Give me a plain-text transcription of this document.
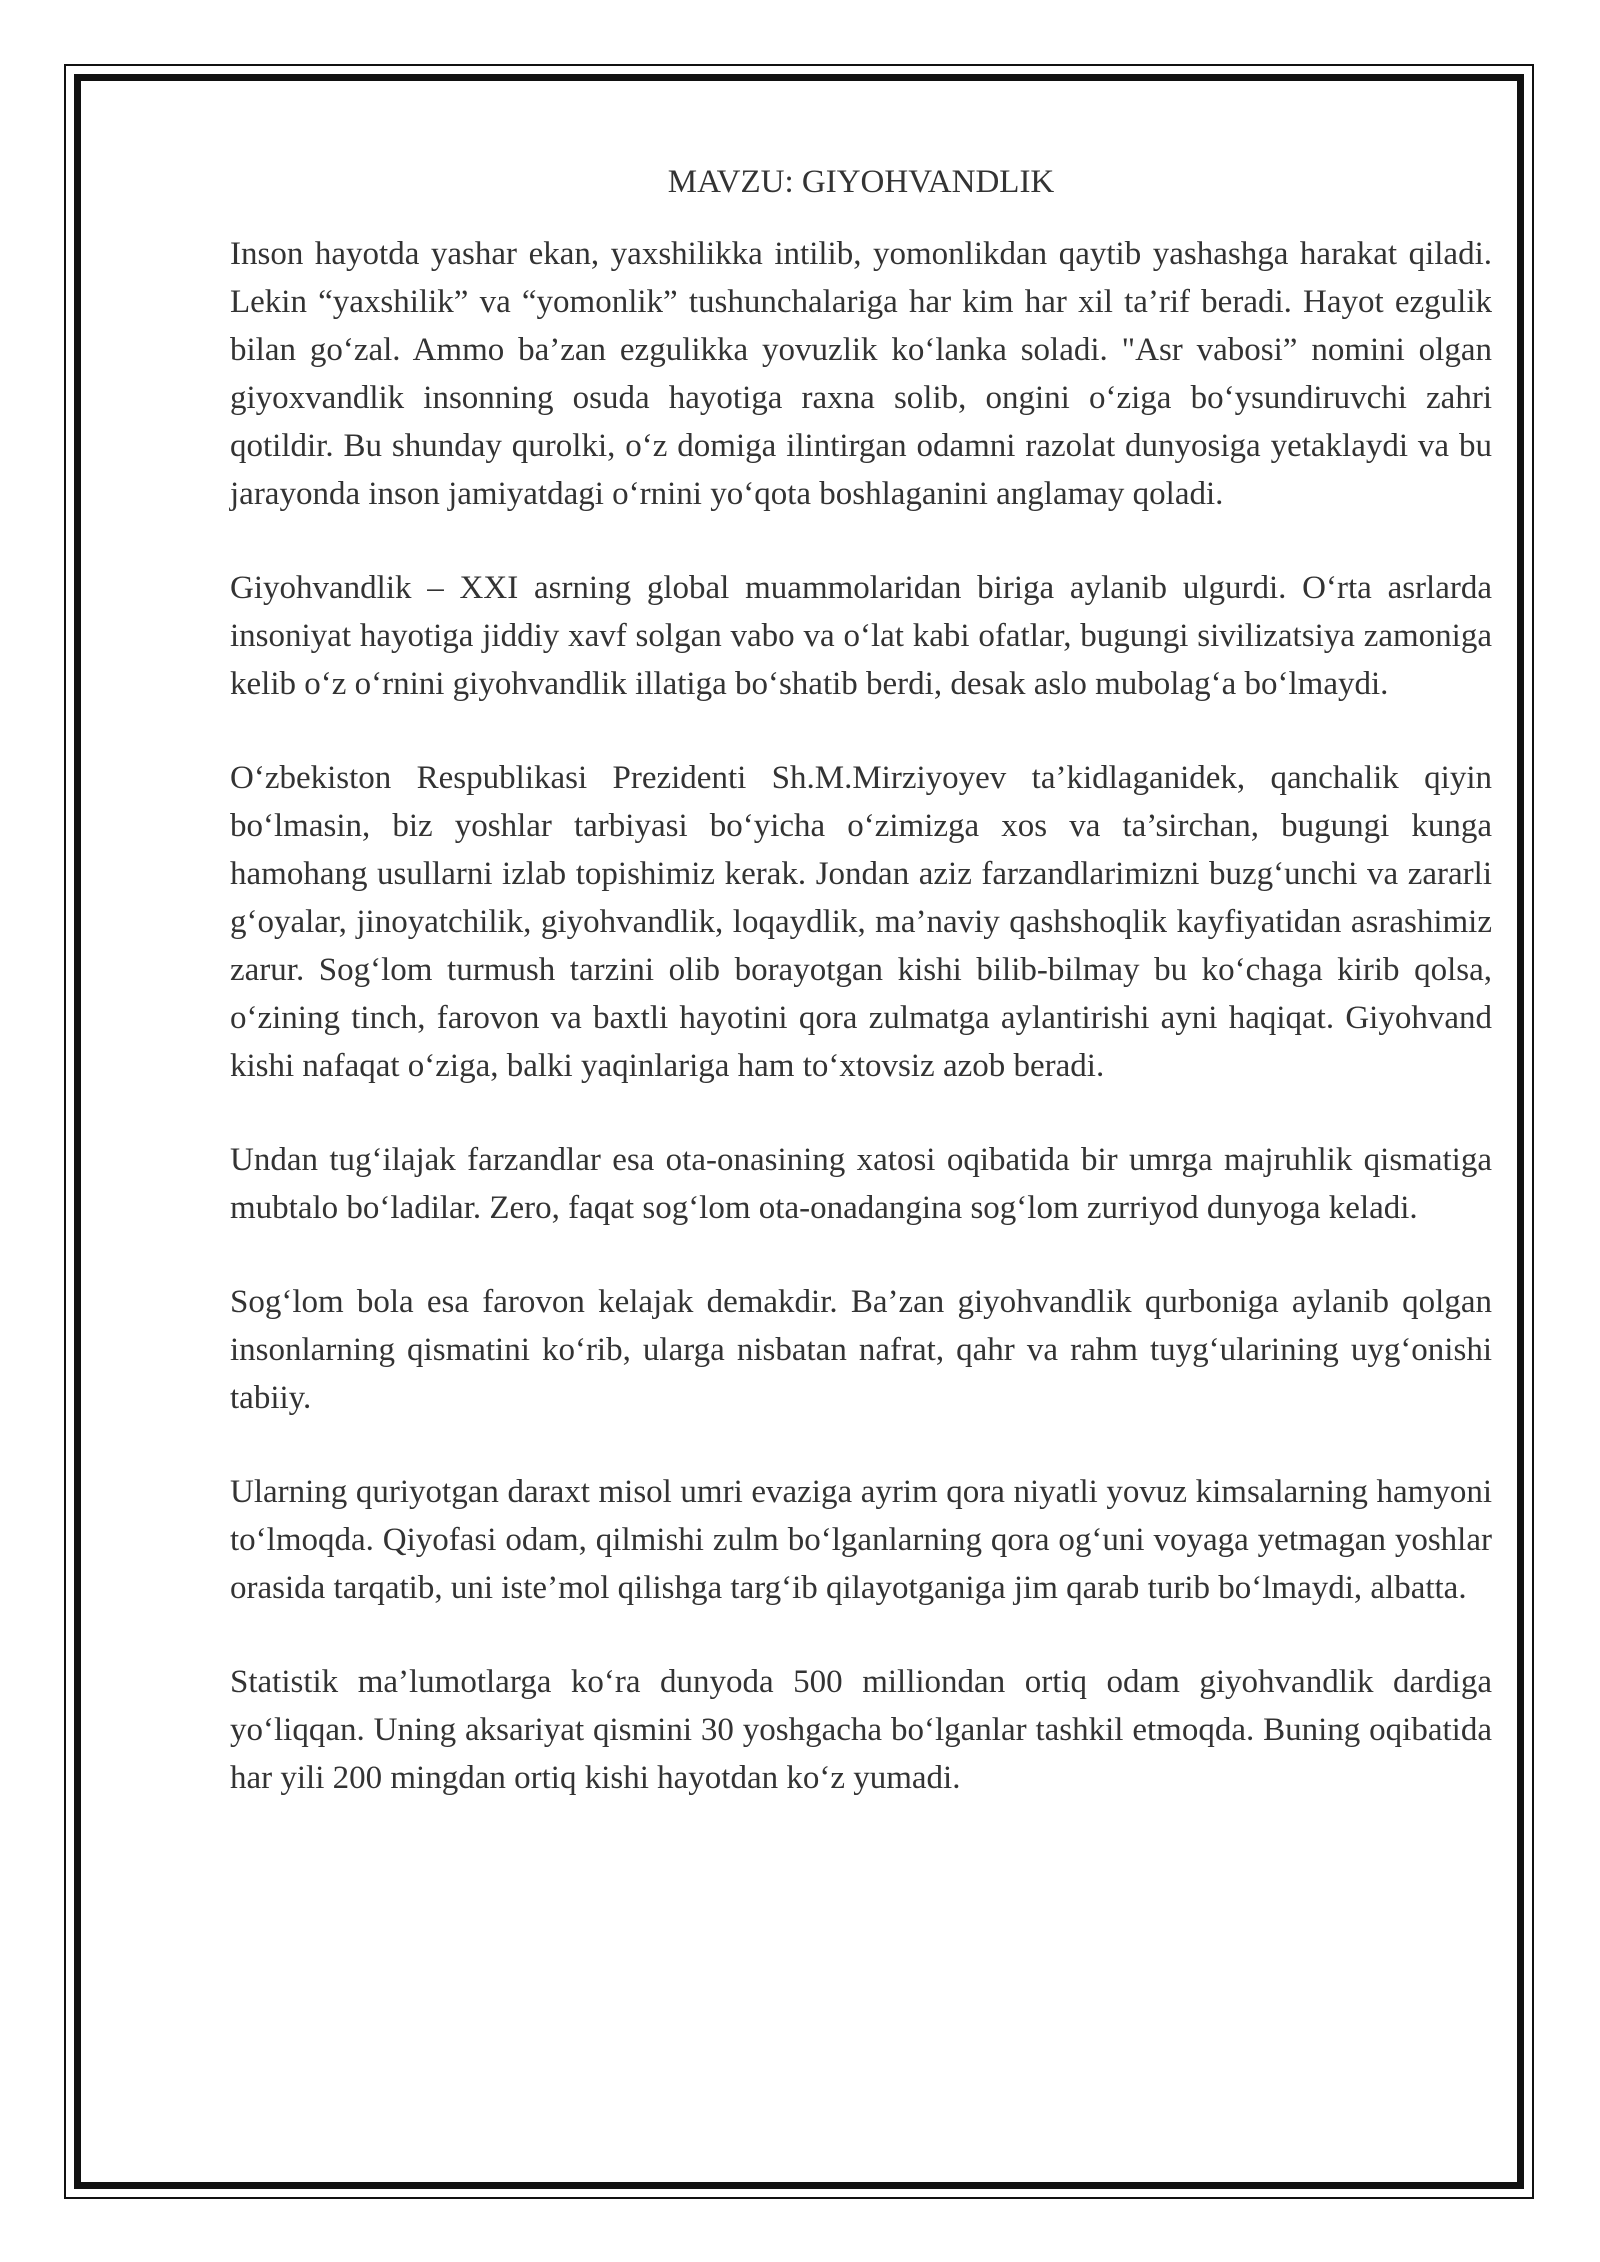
MAVZU: GIYOHVANDLIK

Inson hayotda yashar ekan, yaxshilikka intilib, yomonlikdan qaytib yashashga harakat qiladi. Lekin “yaxshilik” va “yomonlik” tushunchalariga har kim har xil ta’rif beradi. Hayot ezgulik bilan go‘zal. Ammo ba’zan ezgulikka yovuzlik ko‘lanka soladi. "Asr vabosi” nomini olgan giyoxvandlik insonning osuda hayotiga raxna solib, ongini o‘ziga bo‘ysundiruvchi zahri qotildir. Bu shunday qurolki, o‘z domiga ilintirgan odamni razolat dunyosiga yetaklaydi va bu jarayonda inson jamiyatdagi o‘rnini yo‘qota boshlaganini anglamay qoladi.

Giyohvandlik – XXI asrning global muammolaridan biriga aylanib ulgurdi. O‘rta asrlarda insoniyat hayotiga jiddiy xavf solgan vabo va o‘lat kabi ofatlar, bugungi sivilizatsiya zamoniga kelib o‘z o‘rnini giyohvandlik illatiga bo‘shatib berdi, desak aslo mubolag‘a bo‘lmaydi.

O‘zbekiston Respublikasi Prezidenti Sh.M.Mirziyoyev ta’kidlaganidek, qanchalik qiyin bo‘lmasin, biz yoshlar tarbiyasi bo‘yicha o‘zimizga xos va ta’sirchan, bugungi kunga hamohang usullarni izlab topishimiz kerak. Jondan aziz farzandlarimizni buzg‘unchi va zararli g‘oyalar, jinoyatchilik, giyohvandlik, loqaydlik, ma’naviy qashshoqlik kayfiyatidan asrashimiz zarur. Sog‘lom turmush tarzini olib borayotgan kishi bilib-bilmay bu ko‘chaga kirib qolsa, o‘zining tinch, farovon va baxtli hayotini qora zulmatga aylantirishi ayni haqiqat. Giyohvand kishi nafaqat o‘ziga, balki yaqinlariga ham to‘xtovsiz azob beradi.

Undan tug‘ilajak farzandlar esa ota-onasining xatosi oqibatida bir umrga majruhlik qismatiga mubtalo bo‘ladilar. Zero, faqat sog‘lom ota-onadangina sog‘lom zurriyod dunyoga keladi.

Sog‘lom bola esa farovon kelajak demakdir. Ba’zan giyohvandlik qurboniga aylanib qolgan insonlarning qismatini ko‘rib, ularga nisbatan nafrat, qahr va rahm tuyg‘ularining uyg‘onishi tabiiy.

Ularning quriyotgan daraxt misol umri evaziga ayrim qora niyatli yovuz kimsalarning hamyoni to‘lmoqda. Qiyofasi odam, qilmishi zulm bo‘lganlarning qora og‘uni voyaga yetmagan yoshlar orasida tarqatib, uni iste’mol qilishga targ‘ib qilayotganiga jim qarab turib bo‘lmaydi, albatta.

Statistik ma’lumotlarga ko‘ra dunyoda 500 milliondan ortiq odam giyohvandlik dardiga yo‘liqqan. Uning aksariyat qismini 30 yoshgacha bo‘lganlar tashkil etmoqda. Buning oqibatida har yili 200 mingdan ortiq kishi hayotdan ko‘z yumadi.
